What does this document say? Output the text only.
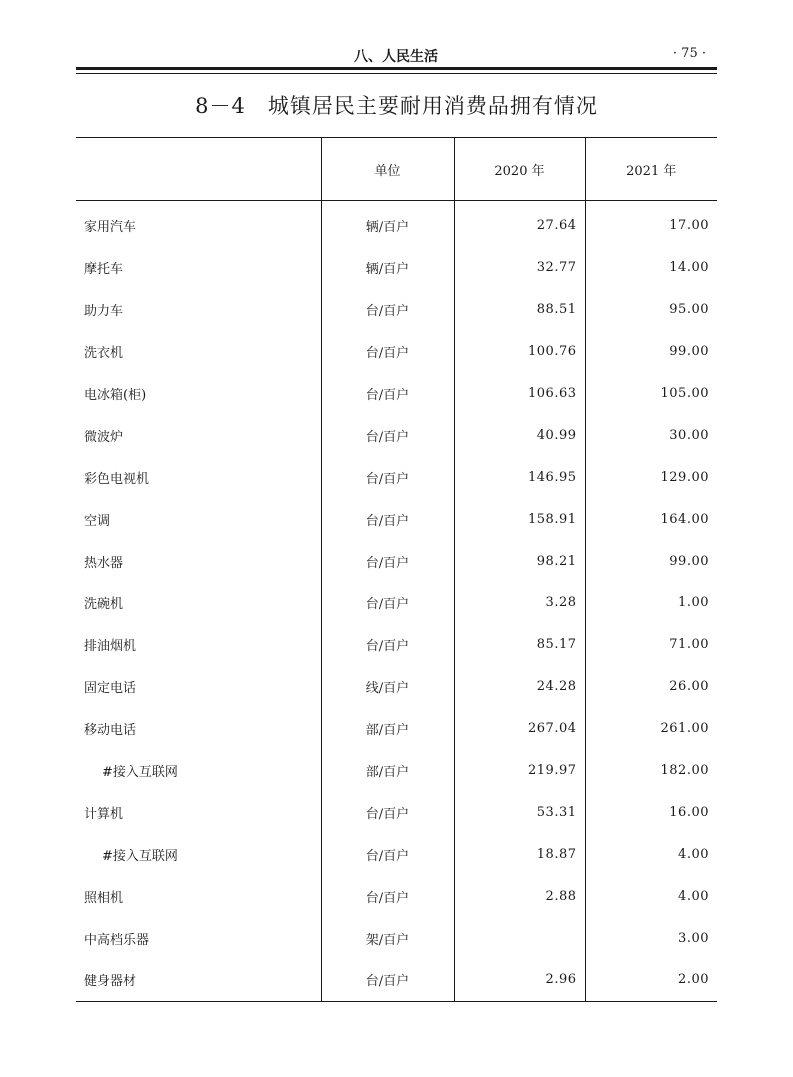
八、人民生活	· 75 ·
8－4 城镇居民主要耐用消费品拥有情况
	单位	2020 年	2021 年
家用汽车	辆/百户	27.64	17.00
摩托车	辆/百户	32.77	14.00
助力车	台/百户	88.51	95.00
洗衣机	台/百户	100.76	99.00
电冰箱(柜)	台/百户	106.63	105.00
微波炉	台/百户	40.99	30.00
彩色电视机	台/百户	146.95	129.00
空调	台/百户	158.91	164.00
热水器	台/百户	98.21	99.00
洗碗机	台/百户	3.28	1.00
排油烟机	台/百户	85.17	71.00
固定电话	线/百户	24.28	26.00
移动电话	部/百户	267.04	261.00
#接入互联网	部/百户	219.97	182.00
计算机	台/百户	53.31	16.00
#接入互联网	台/百户	18.87	4.00
照相机	台/百户	2.88	4.00
中高档乐器	架/百户		3.00
健身器材	台/百户	2.96	2.00
